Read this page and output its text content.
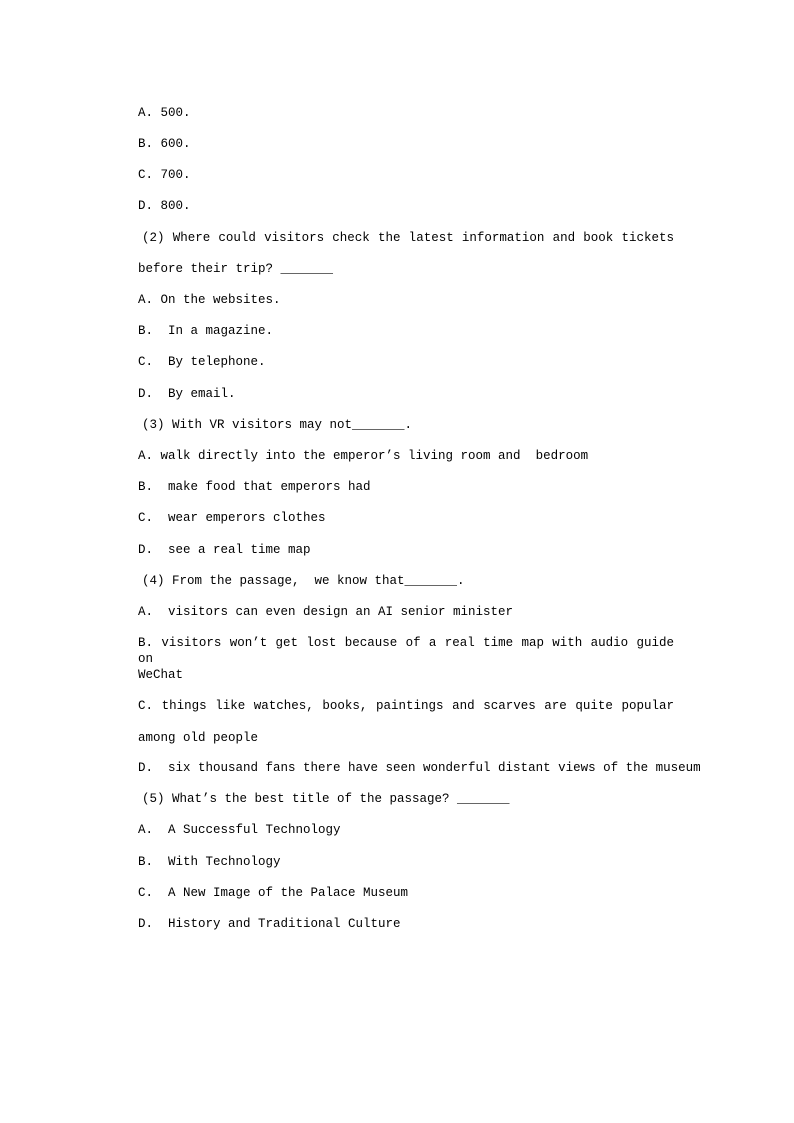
A. 500.
B. 600.
C. 700.
D. 800.
(2) Where could visitors check the latest information and book tickets
before their trip? _______
A. On the websites.
B.  In a magazine.
C.  By telephone.
D.  By email.
(3) With VR visitors may not_______.
A. walk directly into the emperor’s living room and  bedroom
B.  make food that emperors had
C.  wear emperors clothes
D.  see a real time map
(4) From the passage,  we know that_______.
A.  visitors can even design an AI senior minister
B. visitors won’t get lost because of a real time map with audio guide on
WeChat
C. things like watches, books, paintings and scarves are quite popular
among old people
D.  six thousand fans there have seen wonderful distant views of the museum
(5) What’s the best title of the passage? _______
A.  A Successful Technology
B.  With Technology
C.  A New Image of the Palace Museum
D.  History and Traditional Culture
